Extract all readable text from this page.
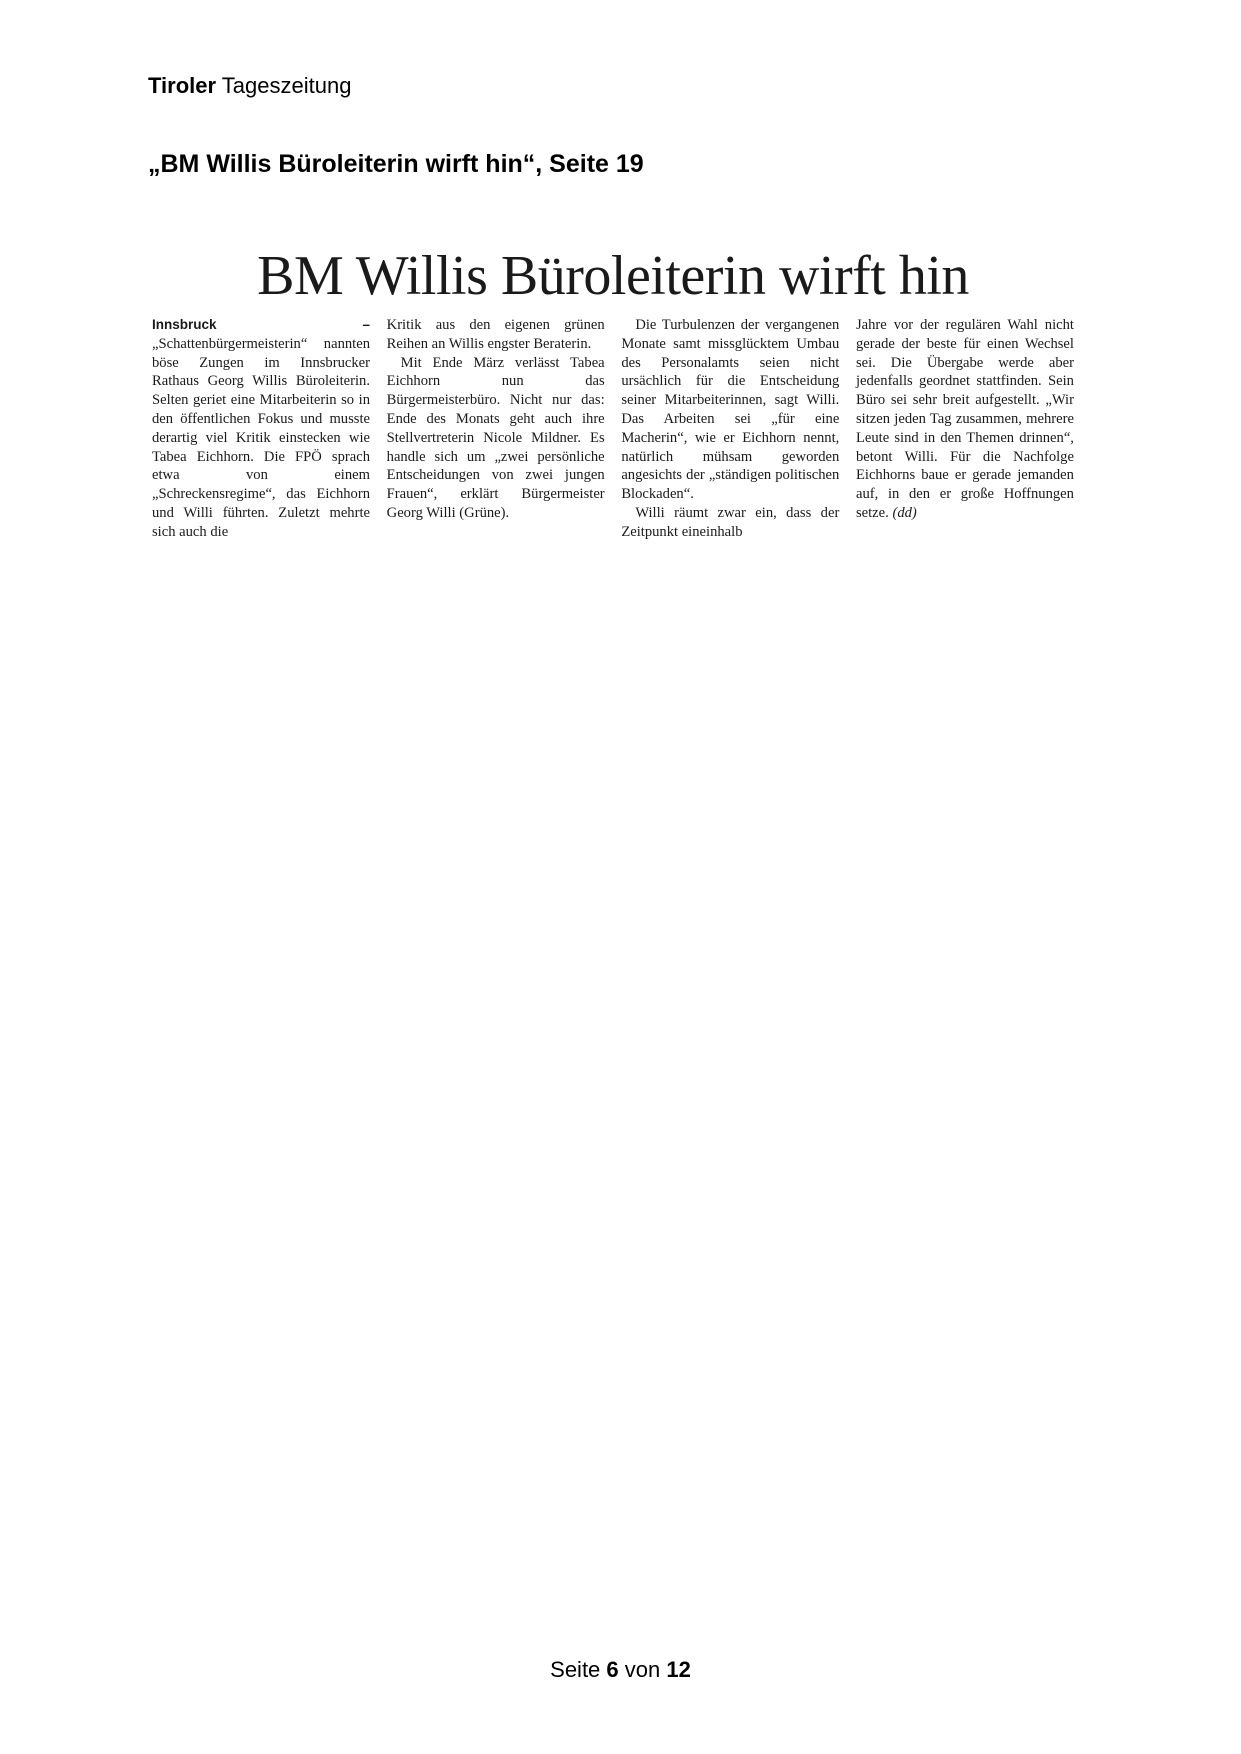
Tiroler Tageszeitung
„BM Willis Büroleiterin wirft hin“, Seite 19
BM Willis Büroleiterin wirft hin

Innsbruck – „Schattenbürgermeisterin“ nannten böse Zungen im Innsbrucker Rathaus Georg Willis Büroleiterin. Selten geriet eine Mitarbeiterin so in den öffentlichen Fokus und musste derartig viel Kritik einstecken wie Tabea Eichhorn. Die FPÖ sprach etwa von einem „Schreckensregime“, das Eichhorn und Willi führten. Zuletzt mehrte sich auch die

Kritik aus den eigenen grünen Reihen an Willis engster Beraterin.

Mit Ende März verlässt Tabea Eichhorn nun das Bürgermeisterbüro. Nicht nur das: Ende des Monats geht auch ihre Stellvertreterin Nicole Mildner. Es handle sich um „zwei persönliche Entscheidungen von zwei jungen Frauen“, erklärt Bürgermeister Georg Willi (Grüne).

Die Turbulenzen der vergangenen Monate samt missglücktem Umbau des Personalamts seien nicht ursächlich für die Entscheidung seiner Mitarbeiterinnen, sagt Willi. Das Arbeiten sei „für eine Macherin“, wie er Eichhorn nennt, natürlich mühsam geworden angesichts der „ständigen politischen Blockaden“.

Willi räumt zwar ein, dass der Zeitpunkt eineinhalb

Jahre vor der regulären Wahl nicht gerade der beste für einen Wechsel sei. Die Übergabe werde aber jedenfalls geordnet stattfinden. Sein Büro sei sehr breit aufgestellt. „Wir sitzen jeden Tag zusammen, mehrere Leute sind in den Themen drinnen“, betont Willi. Für die Nachfolge Eichhorns baue er gerade jemanden auf, in den er große Hoffnungen setze. (dd)

Seite 6 von 12
